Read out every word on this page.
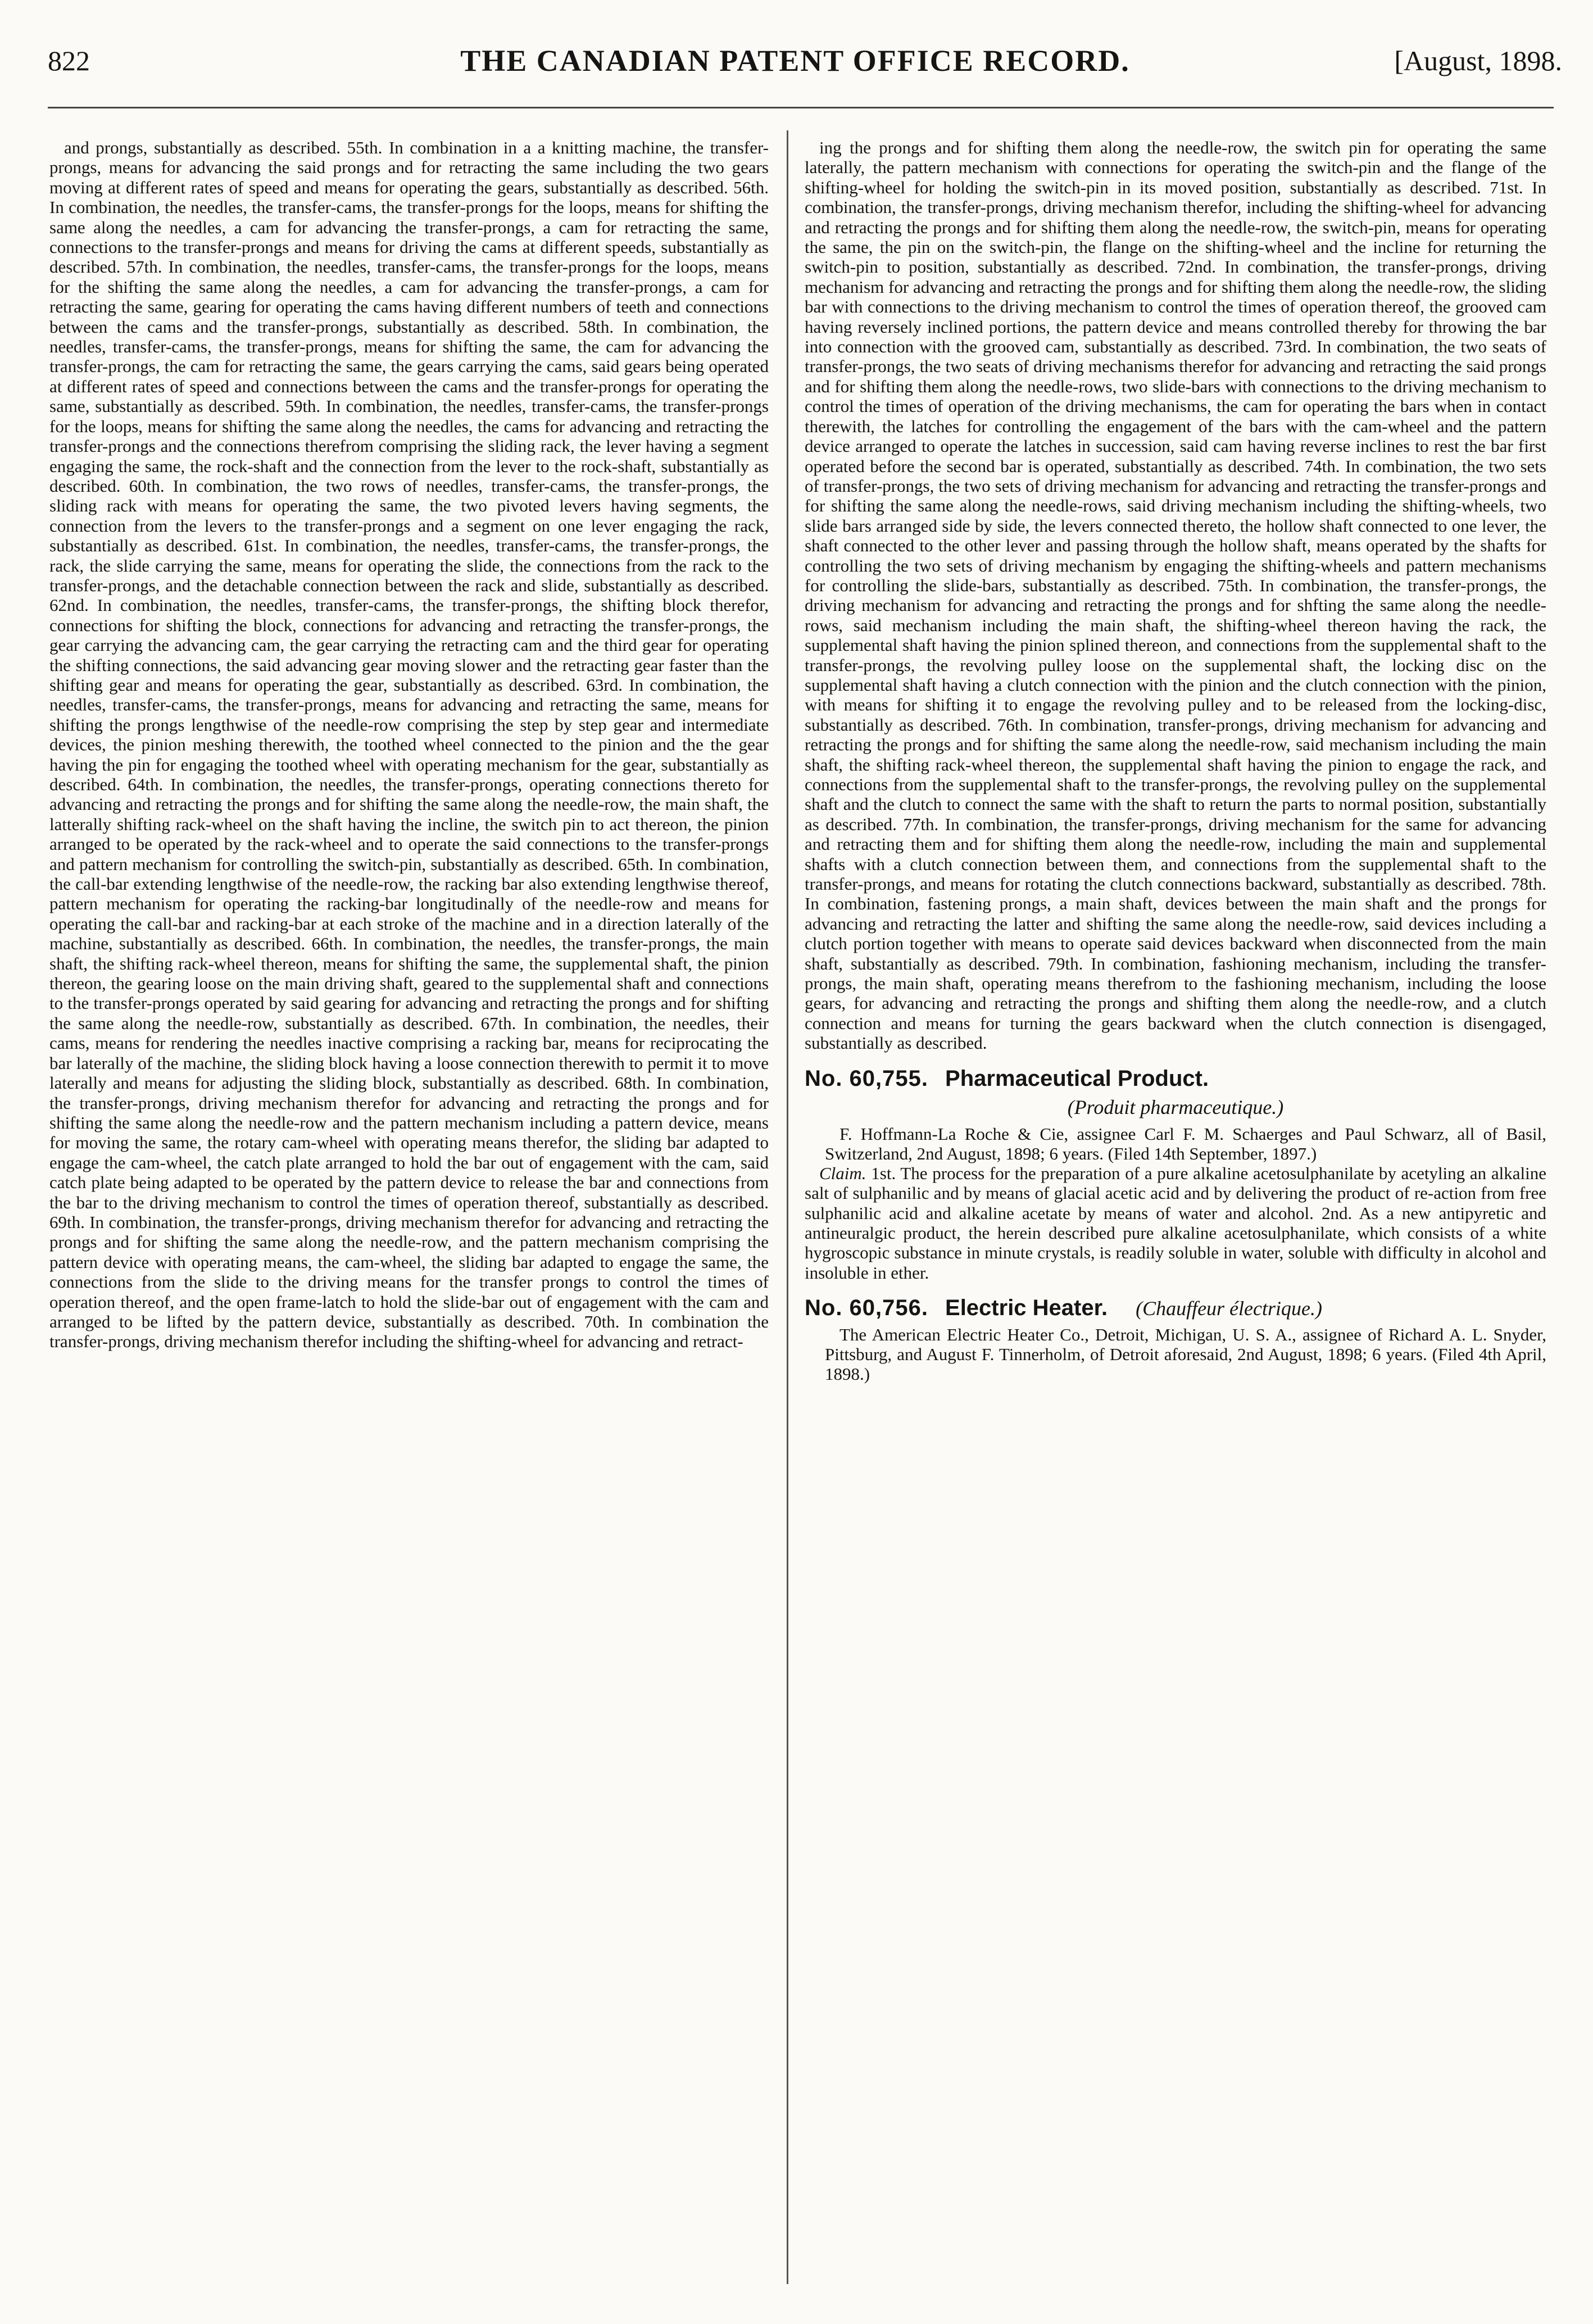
822	THE CANADIAN PATENT OFFICE RECORD.	[August, 1898.

and prongs, substantially as described. 55th. In combination in a a knitting machine, the transfer-prongs, means for advancing the said prongs and for retracting the same including the two gears moving at different rates of speed and means for operating the gears, substantially as described. 56th. In combination, the needles, the transfer-cams, the transfer-prongs for the loops, means for shifting the same along the needles, a cam for advancing the transfer-prongs, a cam for retracting the same, connections to the transfer-prongs and means for driving the cams at different speeds, substantially as described. 57th. In combination, the needles, transfer-cams, the transfer-prongs for the loops, means for the shifting the same along the needles, a cam for advancing the transfer-prongs, a cam for retracting the same, gearing for operating the cams having different numbers of teeth and connections between the cams and the transfer-prongs, substantially as described. 58th. In combination, the needles, transfer-cams, the transfer-prongs, means for shifting the same, the cam for advancing the transfer-prongs, the cam for retracting the same, the gears carrying the cams, said gears being operated at different rates of speed and connections between the cams and the transfer-prongs for operating the same, substantially as described. 59th. In combination, the needles, transfer-cams, the transfer-prongs for the loops, means for shifting the same along the needles, the cams for advancing and retracting the transfer-prongs and the connections therefrom comprising the sliding rack, the lever having a segment engaging the same, the rock-shaft and the connection from the lever to the rock-shaft, substantially as described. 60th. In combination, the two rows of needles, transfer-cams, the transfer-prongs, the sliding rack with means for operating the same, the two pivoted levers having segments, the connection from the levers to the transfer-prongs and a segment on one lever engaging the rack, substantially as described. 61st. In combination, the needles, transfer-cams, the transfer-prongs, the rack, the slide carrying the same, means for operating the slide, the connections from the rack to the transfer-prongs, and the detachable connection between the rack and slide, substantially as described. 62nd. In combination, the needles, transfer-cams, the transfer-prongs, the shifting block therefor, connections for shifting the block, connections for advancing and retracting the transfer-prongs, the gear carrying the advancing cam, the gear carrying the retracting cam and the third gear for operating the shifting connections, the said advancing gear moving slower and the retracting gear faster than the shifting gear and means for operating the gear, substantially as described. 63rd. In combination, the needles, transfer-cams, the transfer-prongs, means for advancing and retracting the same, means for shifting the prongs lengthwise of the needle-row comprising the step by step gear and intermediate devices, the pinion meshing therewith, the toothed wheel connected to the pinion and the the gear having the pin for engaging the toothed wheel with operating mechanism for the gear, substantially as described. 64th. In combination, the needles, the transfer-prongs, operating connections thereto for advancing and retracting the prongs and for shifting the same along the needle-row, the main shaft, the latterally shifting rack-wheel on the shaft having the incline, the switch pin to act thereon, the pinion arranged to be operated by the rack-wheel and to operate the said connections to the transfer-prongs and pattern mechanism for controlling the switch-pin, substantially as described. 65th. In combination, the call-bar extending lengthwise of the needle-row, the racking bar also extending lengthwise thereof, pattern mechanism for operating the racking-bar longitudinally of the needle-row and means for operating the call-bar and racking-bar at each stroke of the machine and in a direction laterally of the machine, substantially as described. 66th. In combination, the needles, the transfer-prongs, the main shaft, the shifting rack-wheel thereon, means for shifting the same, the supplemental shaft, the pinion thereon, the gearing loose on the main driving shaft, geared to the supplemental shaft and connections to the transfer-prongs operated by said gearing for advancing and retracting the prongs and for shifting the same along the needle-row, substantially as described. 67th. In combination, the needles, their cams, means for rendering the needles inactive comprising a racking bar, means for reciprocating the bar laterally of the machine, the sliding block having a loose connection therewith to permit it to move laterally and means for adjusting the sliding block, substantially as described. 68th. In combination, the transfer-prongs, driving mechanism therefor for advancing and retracting the prongs and for shifting the same along the needle-row and the pattern mechanism including a pattern device, means for moving the same, the rotary cam-wheel with operating means therefor, the sliding bar adapted to engage the cam-wheel, the catch plate arranged to hold the bar out of engagement with the cam, said catch plate being adapted to be operated by the pattern device to release the bar and connections from the bar to the driving mechanism to control the times of operation thereof, substantially as described. 69th. In combination, the transfer-prongs, driving mechanism therefor for advancing and retracting the prongs and for shifting the same along the needle-row, and the pattern mechanism comprising the pattern device with operating means, the cam-wheel, the sliding bar adapted to engage the same, the connections from the slide to the driving means for the transfer prongs to control the times of operation thereof, and the open frame-latch to hold the slide-bar out of engagement with the cam and arranged to be lifted by the pattern device, substantially as described. 70th. In combination the transfer-prongs, driving mechanism therefor including the shifting-wheel for advancing and retract-

ing the prongs and for shifting them along the needle-row, the switch pin for operating the same laterally, the pattern mechanism with connections for operating the switch-pin and the flange of the shifting-wheel for holding the switch-pin in its moved position, substantially as described. 71st. In combination, the transfer-prongs, driving mechanism therefor, including the shifting-wheel for advancing and retracting the prongs and for shifting them along the needle-row, the switch-pin, means for operating the same, the pin on the switch-pin, the flange on the shifting-wheel and the incline for returning the switch-pin to position, substantially as described. 72nd. In combination, the transfer-prongs, driving mechanism for advancing and retracting the prongs and for shifting them along the needle-row, the sliding bar with connections to the driving mechanism to control the times of operation thereof, the grooved cam having reversely inclined portions, the pattern device and means controlled thereby for throwing the bar into connection with the grooved cam, substantially as described. 73rd. In combination, the two seats of transfer-prongs, the two seats of driving mechanisms therefor for advancing and retracting the said prongs and for shifting them along the needle-rows, two slide-bars with connections to the driving mechanism to control the times of operation of the driving mechanisms, the cam for operating the bars when in contact therewith, the latches for controlling the engagement of the bars with the cam-wheel and the pattern device arranged to operate the latches in succession, said cam having reverse inclines to rest the bar first operated before the second bar is operated, substantially as described. 74th. In combination, the two sets of transfer-prongs, the two sets of driving mechanism for advancing and retracting the transfer-prongs and for shifting the same along the needle-rows, said driving mechanism including the shifting-wheels, two slide bars arranged side by side, the levers connected thereto, the hollow shaft connected to one lever, the shaft connected to the other lever and passing through the hollow shaft, means operated by the shafts for controlling the two sets of driving mechanism by engaging the shifting-wheels and pattern mechanisms for controlling the slide-bars, substantially as described. 75th. In combination, the transfer-prongs, the driving mechanism for advancing and retracting the prongs and for shfting the same along the needle-rows, said mechanism including the main shaft, the shifting-wheel thereon having the rack, the supplemental shaft having the pinion splined thereon, and connections from the supplemental shaft to the transfer-prongs, the revolving pulley loose on the supplemental shaft, the locking disc on the supplemental shaft having a clutch connection with the pinion and the clutch connection with the pinion, with means for shifting it to engage the revolving pulley and to be released from the locking-disc, substantially as described. 76th. In combination, transfer-prongs, driving mechanism for advancing and retracting the prongs and for shifting the same along the needle-row, said mechanism including the main shaft, the shifting rack-wheel thereon, the supplemental shaft having the pinion to engage the rack, and connections from the supplemental shaft to the transfer-prongs, the revolving pulley on the supplemental shaft and the clutch to connect the same with the shaft to return the parts to normal position, substantially as described. 77th. In combination, the transfer-prongs, driving mechanism for the same for advancing and retracting them and for shifting them along the needle-row, including the main and supplemental shafts with a clutch connection between them, and connections from the supplemental shaft to the transfer-prongs, and means for rotating the clutch connections backward, substantially as described. 78th. In combination, fastening prongs, a main shaft, devices between the main shaft and the prongs for advancing and retracting the latter and shifting the same along the needle-row, said devices including a clutch portion together with means to operate said devices backward when disconnected from the main shaft, substantially as described. 79th. In combination, fashioning mechanism, including the transfer-prongs, the main shaft, operating means therefrom to the fashioning mechanism, including the loose gears, for advancing and retracting the prongs and shifting them along the needle-row, and a clutch connection and means for turning the gears backward when the clutch connection is disengaged, substantially as described.

No. 60,755. Pharmaceutical Product.
(Produit pharmaceutique.)

F. Hoffmann-La Roche & Cie, assignee Carl F. M. Schaerges and Paul Schwarz, all of Basil, Switzerland, 2nd August, 1898; 6 years. (Filed 14th September, 1897.)

Claim. 1st. The process for the preparation of a pure alkaline acetosulphanilate by acetyling an alkaline salt of sulphanilic and by means of glacial acetic acid and by delivering the product of re-action from free sulphanilic acid and alkaline acetate by means of water and alcohol. 2nd. As a new antipyretic and antineuralgic product, the herein described pure alkaline acetosulphanilate, which consists of a white hygroscopic substance in minute crystals, is readily soluble in water, soluble with difficulty in alcohol and insoluble in ether.

No. 60,756. Electric Heater. (Chauffeur électrique.)

The American Electric Heater Co., Detroit, Michigan, U. S. A., assignee of Richard A. L. Snyder, Pittsburg, and August F. Tinnerholm, of Detroit aforesaid, 2nd August, 1898; 6 years. (Filed 4th April, 1898.)
